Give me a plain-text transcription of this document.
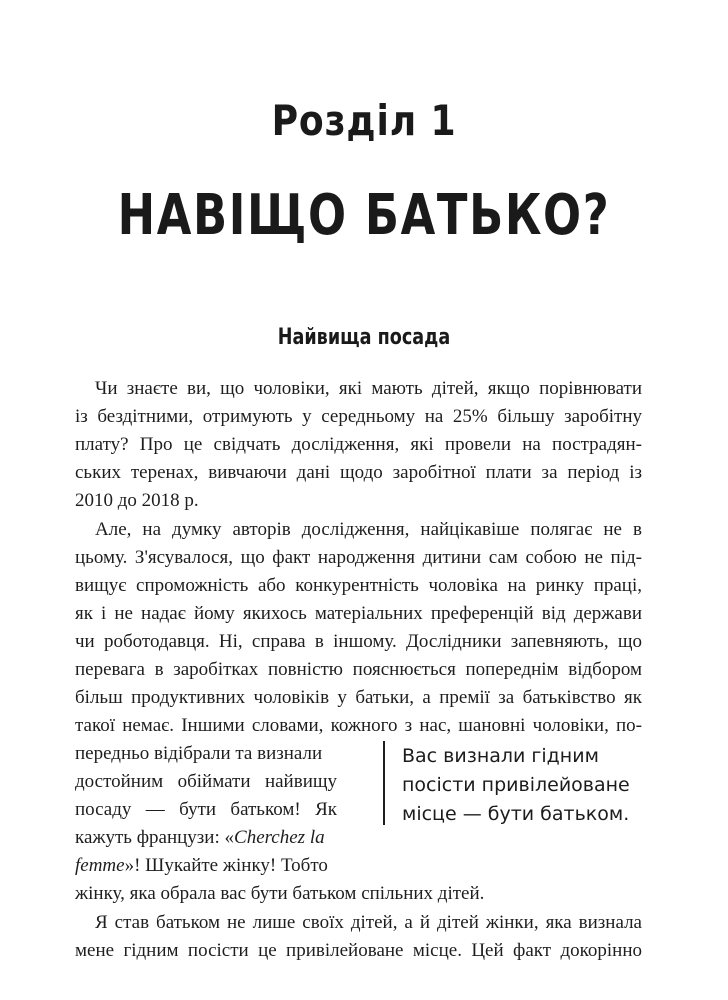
Розділ 1
НАВІЩО БАТЬКО?
Найвища посада
Чи знаєте ви, що чоловіки, які мають дітей, якщо порівнювати
із бездітними, отримують у середньому на 25% більшу заробітну
плату? Про це свідчать дослідження, які провели на пострадян-
ських теренах, вивчаючи дані щодо заробітної плати за період із
2010 до 2018 р.
Але, на думку авторів дослідження, найцікавіше полягає не в
цьому. З'ясувалося, що факт народження дитини сам собою не під-
вищує спроможність або конкурентність чоловіка на ринку праці,
як і не надає йому якихось матеріальних преференцій від держави
чи роботодавця. Ні, справа в іншому. Дослідники запевняють, що
перевага в заробітках повністю пояснюється попереднім відбором
більш продуктивних чоловіків у батьки, а премії за батьківство як
такої немає. Іншими словами, кожного з нас, шановні чоловіки, по-
передньо відібрали та визнали
достойним обіймати найвищу
посаду — бути батьком! Як
кажуть французи: «Cherchez la
femme»! Шукайте жінку! Тобто
жінку, яка обрала вас бути батьком спільних дітей.
Я став батьком не лише своїх дітей, а й дітей жінки, яка визнала
мене гідним посісти це привілейоване місце. Цей факт докорінно
Вас визнали гідним
посісти привілейоване
місце — бути батьком.
